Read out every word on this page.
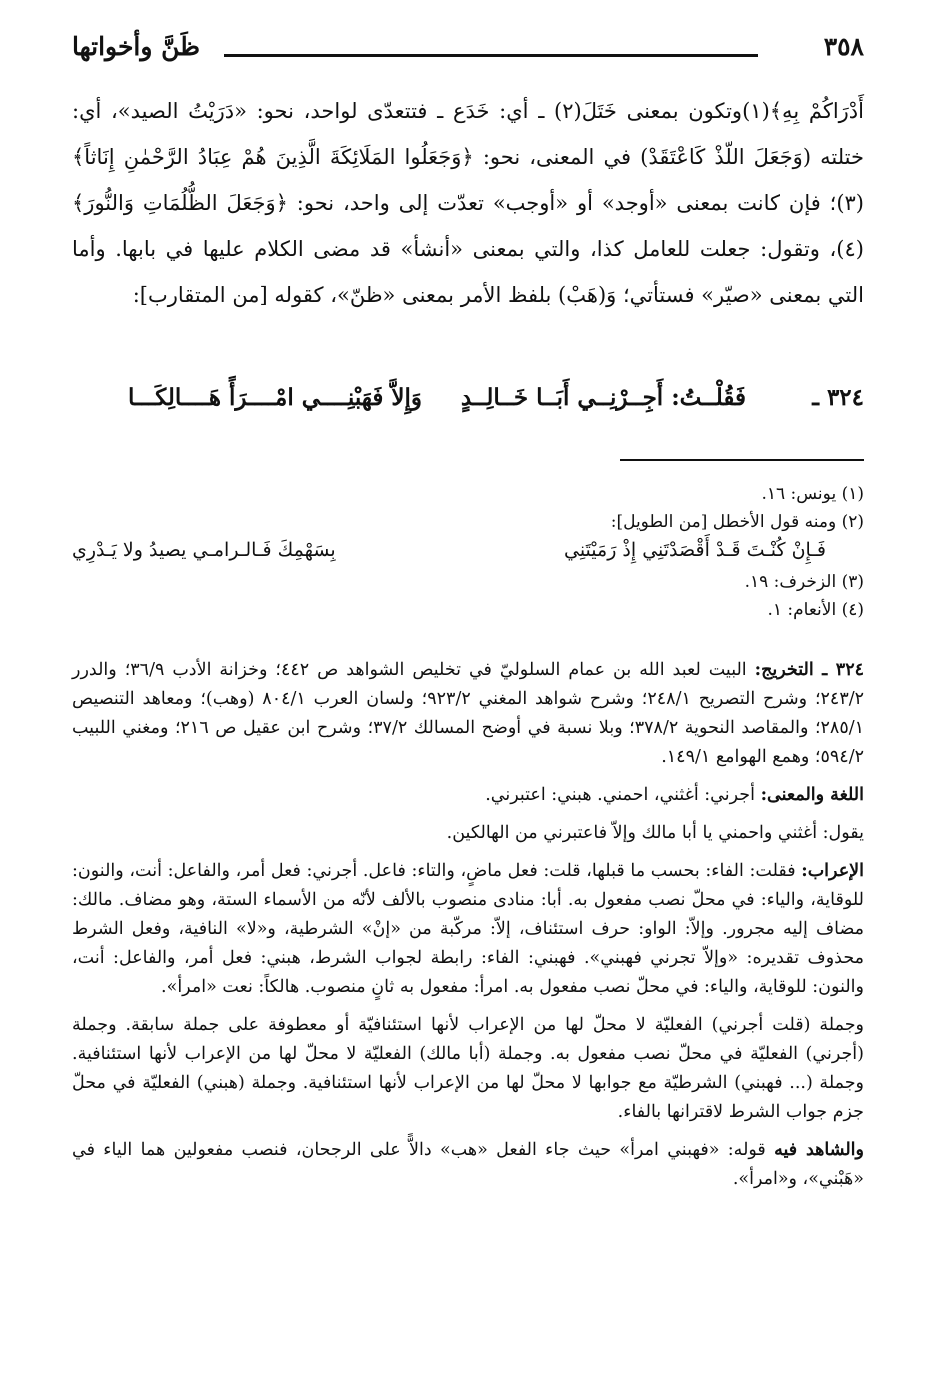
٣٥٨
ظَنَّ وأخواتها

أَدْرَاكُمْ بِهِ﴾(١)وتكون بمعنى خَتَلَ(٢) ـ أي: خَدَع ـ فتتعدّى لواحد، نحو: «دَرَيْتُ الصيد»، أي: ختلته (وَجَعَلَ اللّذْ كَاعْتَقَدْ) في المعنى، نحو: ﴿وَجَعَلُوا المَلَائِكَةَ الَّذِينَ هُمْ عِبَادُ الرَّحْمٰنِ إِنَاثاً﴾(٣)؛ فإن كانت بمعنى «أوجد» أو «أوجب» تعدّت إلى واحد، نحو: ﴿وَجَعَلَ الظُّلُمَاتِ وَالنُّورَ﴾(٤)، وتقول: جعلت للعامل كذا، والتي بمعنى «أنشأ» قد مضى الكلام عليها في بابها. وأما التي بمعنى «صيّر» فستأتي؛ وَ(هَبْ) بلفظ الأمر بمعنى «ظنّ»، كقوله [من المتقارب]:

٣٢٤ ـ
فَقُلْــتُ: أَجِــرْنِــي أَبَــا خَــالِــدٍ
وَإِلاَّ فَهَبْنِــــي امْــــرَأً هَــــالِكَـــا

(١) يونس: ١٦.

(٢) ومنه قول الأخطل [من الطويل]:

فَـإِنْ كُنْـتَ قَـدْ أَقْصَدْتَنِي إِذْ رَمَيْتَنِي
بِسَهْمِكَ فَـالـرامـي يصيدُ ولا يَـدْرِي

(٣) الزخرف: ١٩.

(٤) الأنعام: ١.

٣٢٤ ـ التخريج: البيت لعبد الله بن عمام السلوليّ في تخليص الشواهد ص ٤٤٢؛ وخزانة الأدب ٣٦/٩؛ والدرر ٢٤٣/٢؛ وشرح التصريح ٢٤٨/١؛ وشرح شواهد المغني ٩٢٣/٢؛ ولسان العرب ٨٠٤/١ (وهب)؛ ومعاهد التنصيص ٢٨٥/١؛ والمقاصد النحوية ٣٧٨/٢؛ وبلا نسبة في أوضح المسالك ٣٧/٢؛ وشرح ابن عقيل ص ٢١٦؛ ومغني اللبيب ٥٩٤/٢؛ وهمع الهوامع ١٤٩/١.

اللغة والمعنى: أجرني: أغثني، احمني. هبني: اعتبرني.

يقول: أغثني واحمني يا أبا مالك وإلاّ فاعتبرني من الهالكين.

الإعراب: فقلت: الفاء: بحسب ما قبلها، قلت: فعل ماضٍ، والتاء: فاعل. أجرني: فعل أمر، والفاعل: أنت، والنون: للوقاية، والياء: في محلّ نصب مفعول به. أبا: منادى منصوب بالألف لأنّه من الأسماء الستة، وهو مضاف. مالك: مضاف إليه مجرور. وإلاّ: الواو: حرف استئناف، إلاّ: مركّبة من «إنْ» الشرطية، و«لا» النافية، وفعل الشرط محذوف تقديره: «وإلاّ تجرني فهبني». فهبني: الفاء: رابطة لجواب الشرط، هبني: فعل أمر، والفاعل: أنت، والنون: للوقاية، والياء: في محلّ نصب مفعول به. امرأ: مفعول به ثانٍ منصوب. هالكاً: نعت «امرأ».

وجملة (قلت أجرني) الفعليّة لا محلّ لها من الإعراب لأنها استئنافيّة أو معطوفة على جملة سابقة. وجملة (أجرني) الفعليّة في محلّ نصب مفعول به. وجملة (أبا مالك) الفعليّة لا محلّ لها من الإعراب لأنها استئنافية. وجملة (... فهبني) الشرطيّة مع جوابها لا محلّ لها من الإعراب لأنها استئنافية. وجملة (هبني) الفعليّة في محلّ جزم جواب الشرط لاقترانها بالفاء.

والشاهد فيه قوله: «فهبني امرأ» حيث جاء الفعل «هب» دالاًّ على الرجحان، فنصب مفعولين هما الياء في «هَبْني»، و«امرأ».
